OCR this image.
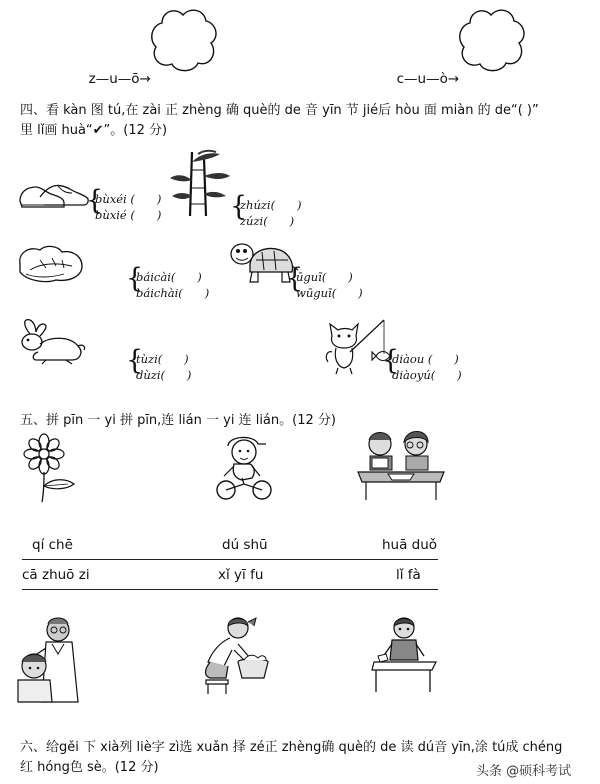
z—u—ō→	c—u—ò→

四、看 kàn 图 tú,在 zài 正 zhèng 确 què的 de 音 yīn 节 jié后 hòu 面 miàn 的 de“( )”
里 lǐ画 huà“✔”。(12 分)
{
bùxéi (      )
bùxié (      )	{
zhúzi(      )
zúzi(      )
{
báicài(      )
báichài(      )	{
ūguī(      )
wūguī(      )
{
tùzi(      )
dùzi(      )	{
diàou (      )
diàoyú(      )
五、拼 pīn 一 yi 拼 pīn,连 lián 一 yi 连 lián。(12 分)
qí chē	dú shū	huā duǒ
cā zhuō zi	xǐ yī fu	lǐ fà
六、给gěi 下 xià列 liè字 zì选 xuǎn 择 zé正 zhèng确 què的 de 读 dú音 yīn,涂 tú成 chéng
红 hóng色 sè。(12 分)	头条 @硕科考试
